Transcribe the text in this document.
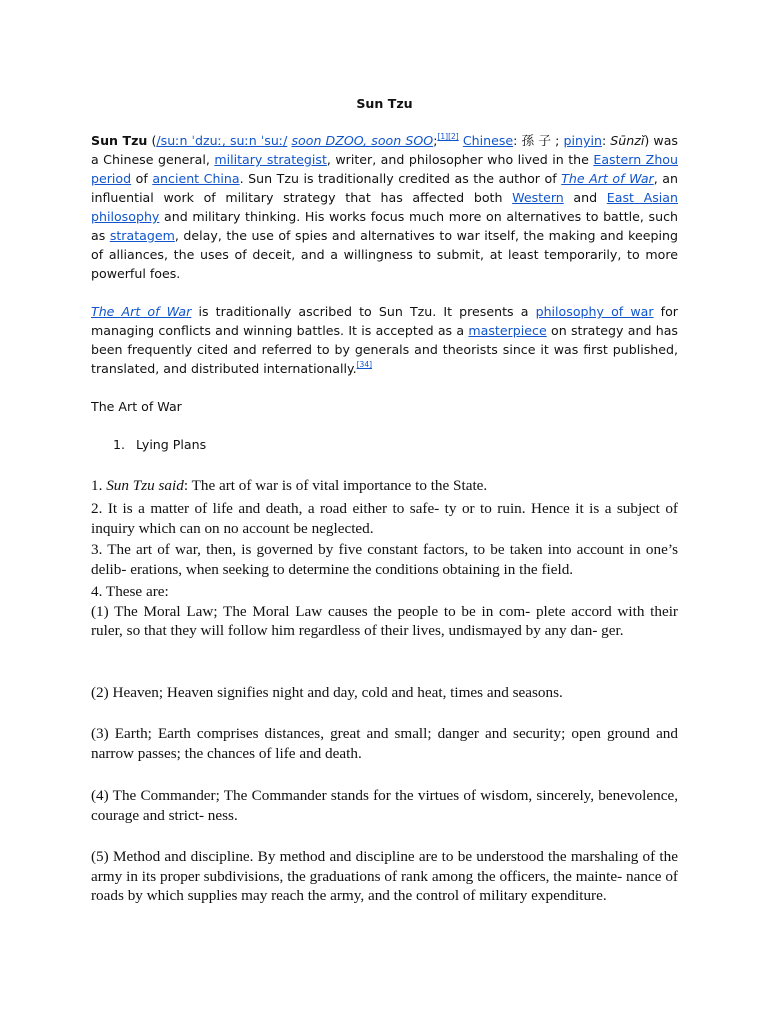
Sun Tzu

Sun Tzu (/suːn ˈdzuː, suːn ˈsuː/ soon DZOO, soon SOO;[1][2] Chinese: 孫 子 ; pinyin: Sūnzǐ) was a Chinese general, military strategist, writer, and philosopher who lived in the Eastern Zhou period of ancient China. Sun Tzu is traditionally credited as the author of The Art of War, an influential work of military strategy that has affected both Western and East Asian philosophy and military thinking. His works focus much more on alternatives to battle, such as stratagem, delay, the use of spies and alternatives to war itself, the making and keeping of alliances, the uses of deceit, and a willingness to submit, at least temporarily, to more powerful foes.

The Art of War is traditionally ascribed to Sun Tzu. It presents a philosophy of war for managing conflicts and winning battles. It is accepted as a masterpiece on strategy and has been frequently cited and referred to by generals and theorists since it was first published, translated, and distributed internationally.[34]

The Art of War
1. Lying Plans

1. Sun Tzu said: The art of war is of vital importance to the State.

2. It is a matter of life and death, a road either to safe- ty or to ruin. Hence it is a subject of inquiry which can on no account be neglected.

3. The art of war, then, is governed by five constant factors, to be taken into account in one’s delib- erations, when seeking to determine the conditions obtaining in the field.

4. These are:
(1) The Moral Law; The Moral Law causes the people to be in com- plete accord with their ruler, so that they will follow him regardless of their lives, undismayed by any dan- ger.

(2) Heaven; Heaven signifies night and day, cold and heat, times and seasons.

(3) Earth; Earth comprises distances, great and small; danger and security; open ground and narrow passes; the chances of life and death.

(4) The Commander; The Commander stands for the virtues of wisdom, sincerely, benevolence, courage and strict- ness.

(5) Method and discipline. By method and discipline are to be understood the marshaling of the army in its proper subdivisions, the graduations of rank among the officers, the mainte- nance of roads by which supplies may reach the army, and the control of military expenditure.
